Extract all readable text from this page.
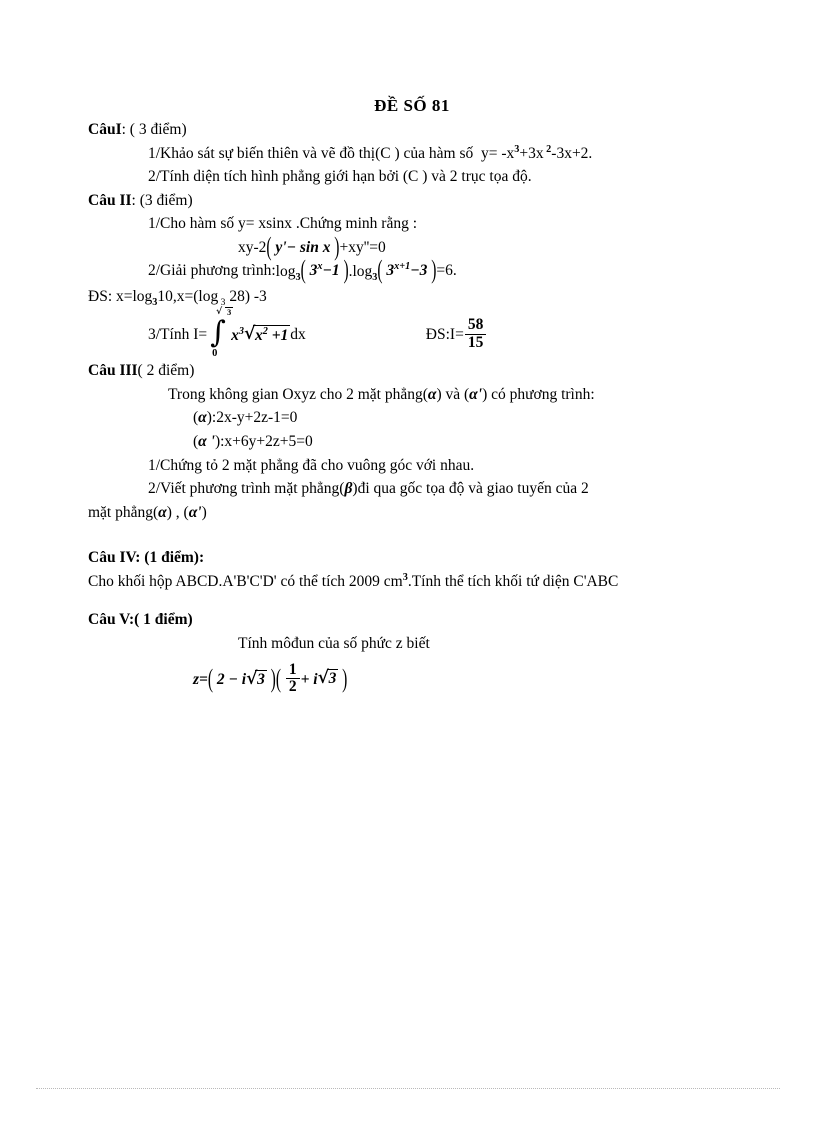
ĐỀ SỐ 81
CâuI: ( 3 điểm)
1/Khảo sát sự biến thiên và vẽ đồ thị(C ) của hàm số  $y= -x^3+3x$ $^2$-3x+2.
2/Tính diện tích hình phẳng giới hạn bởi (C ) và 2 trục tọa độ.
Câu II: (3 điểm)
1/Cho hàm số y= xsinx .Chứng minh rằng :
xy-2 ( y'− sin x ) +xy''=0
2/Giải phương $trình:\log_3$ ( $3^x-1$ ) $.\log_3$ ( $3^{x+1}-3$ ) =6.
ĐS: $x=\log_310,x=(\log$ $_3$ 28) -3
3/Tính I=
√ 3
∫
0
$x^3$ √ $x^2 +1$ dx	ĐS:I= $\frac{58}{15}$
Câu III( 2 điểm)
Trong không gian Oxyz cho 2 mặt phẳng(α) và (α') có phương trình:
(α):2x-y+2z-1=0
(α '):x+6y+2z+5=0
1/Chứng tỏ 2 mặt phẳng đã cho vuông góc với nhau.
2/Viết phương trình mặt phẳng(β)đi qua gốc tọa độ và giao tuyến của 2
mặt phẳng(α) , (α')
Câu IV: (1 điểm):
Cho khối hộp ABCD.A'B'C'D' có thể tích 2009 $cm^3.Tính$ thể tích khối tứ diện C'ABC
Câu V:( 1 điểm)
Tính môđun của số phức z biết
z= ( 2 − i √ 3 )	( $\frac{1}{2} + i$ √ 3 )
